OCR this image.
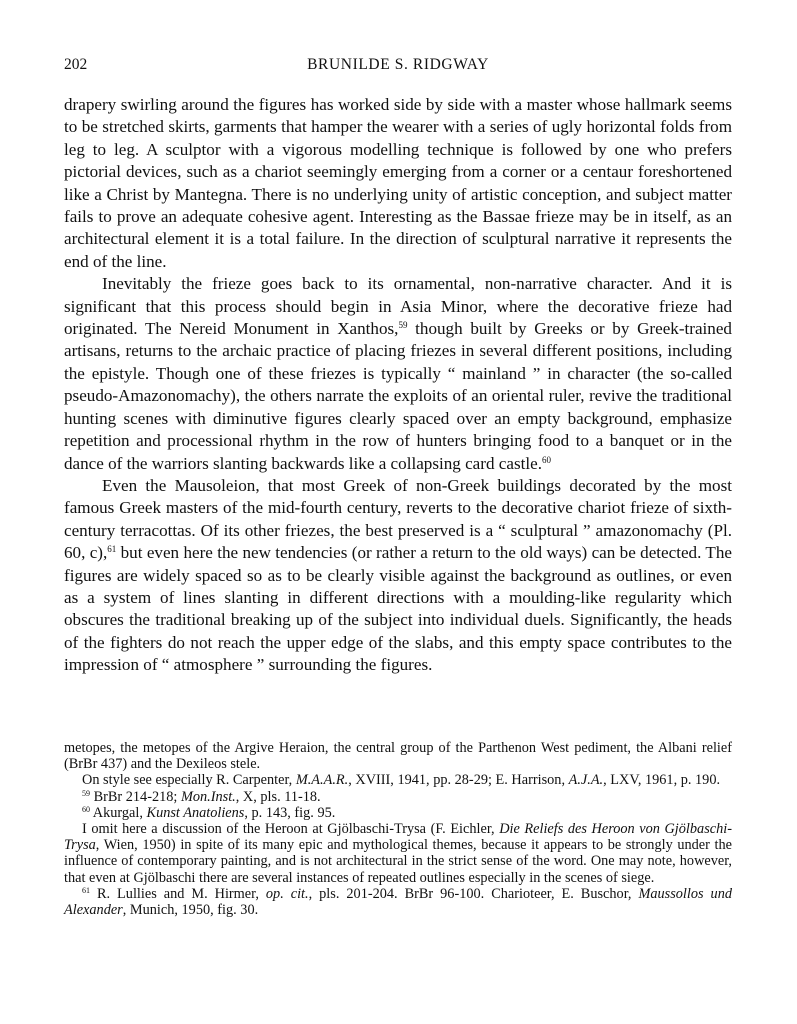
202	BRUNILDE S. RIDGWAY

drapery swirling around the figures has worked side by side with a master whose hallmark seems to be stretched skirts, garments that hamper the wearer with a series of ugly horizontal folds from leg to leg. A sculptor with a vigorous modelling technique is followed by one who prefers pictorial devices, such as a chariot seemingly emerging from a corner or a centaur foreshortened like a Christ by Mantegna. There is no underlying unity of artistic conception, and subject matter fails to prove an adequate cohesive agent. Interesting as the Bassae frieze may be in itself, as an architectural element it is a total failure. In the direction of sculptural narrative it represents the end of the line.

Inevitably the frieze goes back to its ornamental, non-narrative character. And it is significant that this process should begin in Asia Minor, where the decorative frieze had originated. The Nereid Monument in Xanthos,$^{59}$ though built by Greeks or by Greek-trained artisans, returns to the archaic practice of placing friezes in several different positions, including the epistyle. Though one of these friezes is typically “ mainland ” in character (the so-called pseudo-Amazonomachy), the others narrate the exploits of an oriental ruler, revive the traditional hunting scenes with diminutive figures clearly spaced over an empty background, emphasize repetition and processional rhythm in the row of hunters bringing food to a banquet or in the dance of the warriors slanting backwards like a collapsing card castle.$^{60}$

Even the Mausoleion, that most Greek of non-Greek buildings decorated by the most famous Greek masters of the mid-fourth century, reverts to the decorative chariot frieze of sixth-century terracottas. Of its other friezes, the best preserved is a “ sculptural ” amazonomachy (Pl. 60, c),$^{61}$ but even here the new tendencies (or rather a return to the old ways) can be detected. The figures are widely spaced so as to be clearly visible against the background as outlines, or even as a system of lines slanting in different directions with a moulding-like regularity which obscures the traditional breaking up of the subject into individual duels. Significantly, the heads of the fighters do not reach the upper edge of the slabs, and this empty space contributes to the impression of “ atmosphere ” surrounding the figures.

metopes, the metopes of the Argive Heraion, the central group of the Parthenon West pediment, the Albani relief (BrBr 437) and the Dexileos stele.

On style see especially R. Carpenter, M.A.A.R., XVIII, 1941, pp. 28-29; E. Harrison, A.J.A., LXV, 1961, p. 190.

$^{59}$ BrBr 214-218; Mon.Inst., X, pls. 11-18.

$^{60}$ Akurgal, Kunst Anatoliens, p. 143, fig. 95.

I omit here a discussion of the Heroon at Gjölbaschi-Trysa (F. Eichler, Die Reliefs des Heroon von Gjölbaschi-Trysa, Wien, 1950) in spite of its many epic and mythological themes, because it appears to be strongly under the influence of contemporary painting, and is not architectural in the strict sense of the word. One may note, however, that even at Gjölbaschi there are several instances of repeated outlines especially in the scenes of siege.

$^{61}$ R. Lullies and M. Hirmer, op. cit., pls. 201-204. BrBr 96-100. Charioteer, E. Buschor, Maussollos und Alexander, Munich, 1950, fig. 30.
